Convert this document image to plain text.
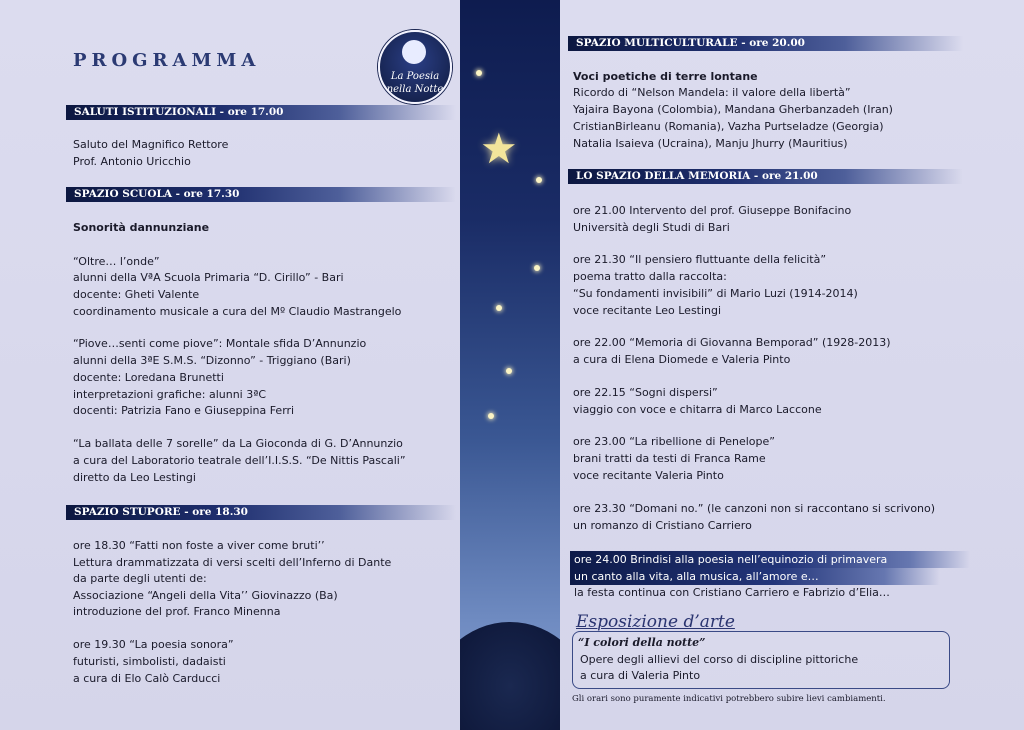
PROGRAMMA
La Poesia
nella Notte
SALUTI ISTITUZIONALI - ore 17.00
Saluto del Magnifico Rettore
Prof. Antonio Uricchio
SPAZIO SCUOLA - ore 17.30
Sonorità dannunziane
“Oltre… l’onde”
alunni della VªA Scuola Primaria “D. Cirillo” - Bari
docente: Gheti Valente
coordinamento musicale a cura del Mº Claudio Mastrangelo
“Piove…senti come piove”: Montale sfida D’Annunzio
alunni della 3ªE S.M.S. “Dizonno” - Triggiano (Bari)
docente: Loredana Brunetti
interpretazioni grafiche: alunni 3ªC
docenti: Patrizia Fano e Giuseppina Ferri
“La ballata delle 7 sorelle” da La Gioconda di G. D’Annunzio
a cura del Laboratorio teatrale dell’I.I.S.S. “De Nittis Pascali”
diretto da Leo Lestingi
SPAZIO STUPORE - ore 18.30
ore 18.30 “Fatti non foste a viver come bruti’’
Lettura drammatizzata di versi scelti dell’Inferno di Dante
da parte degli utenti de:
Associazione “Angeli della Vita’’ Giovinazzo (Ba)
introduzione del prof. Franco Minenna
ore 19.30 “La poesia sonora”
futuristi, simbolisti, dadaisti
a cura di Elo Calò Carducci
★
SPAZIO MULTICULTURALE - ore 20.00
Voci poetiche di terre lontane
Ricordo di “Nelson Mandela: il valore della libertà”
Yajaira Bayona (Colombia), Mandana Gherbanzadeh (Iran)
CristianBirleanu (Romania), Vazha Purtseladze (Georgia)
Natalia Isaieva (Ucraina), Manju Jhurry (Mauritius)
LO SPAZIO DELLA MEMORIA - ore 21.00
ore 21.00 Intervento del prof. Giuseppe Bonifacino
Università degli Studi di Bari
ore 21.30 “Il pensiero fluttuante della felicità”
poema tratto dalla raccolta:
“Su fondamenti invisibili” di Mario Luzi (1914-2014)
voce recitante Leo Lestingi
ore 22.00 “Memoria di Giovanna Bemporad” (1928-2013)
a cura di Elena Diomede e Valeria Pinto
ore 22.15 “Sogni dispersi”
viaggio con voce e chitarra di Marco Laccone
ore 23.00 “La ribellione di Penelope”
brani tratti da testi di Franca Rame
voce recitante Valeria Pinto
ore 23.30 “Domani no.” (le canzoni non si raccontano si scrivono)
un romanzo di Cristiano Carriero
ore 24.00 Brindisi alla poesia nell’equinozio di primavera
un canto alla vita, alla musica, all’amore e…
la festa continua con Cristiano Carriero e Fabrizio d’Elia…
Esposizione d’arte
“I colori della notte”
Opere degli allievi del corso di discipline pittoriche
a cura di Valeria Pinto
Gli orari sono puramente indicativi potrebbero subire lievi cambiamenti.
